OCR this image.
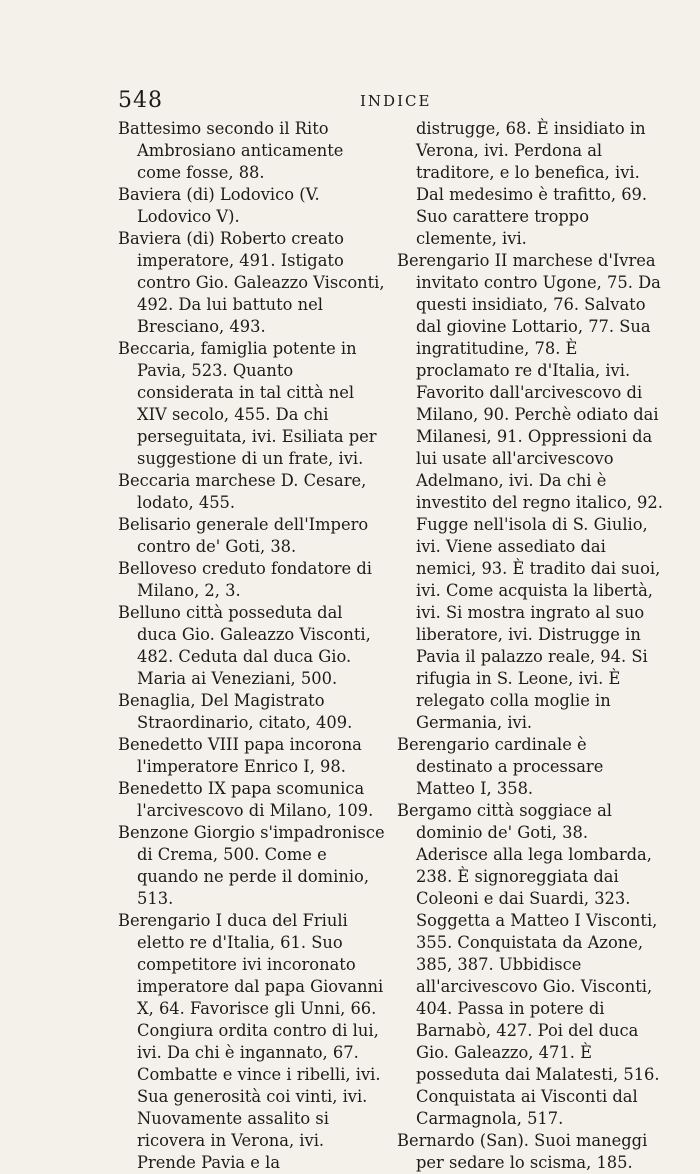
548	INDICE

Battesimo secondo il Rito Ambrosiano anticamente come fosse, 88.

Baviera (di) Lodovico (V. Lodovico V).

Baviera (di) Roberto creato imperatore, 491. Istigato contro Gio. Galeazzo Visconti, 492. Da lui battuto nel Bresciano, 493.

Beccaria, famiglia potente in Pavia, 523. Quanto considerata in tal città nel XIV secolo, 455. Da chi perseguitata, ivi. Esiliata per suggestione di un frate, ivi.

Beccaria marchese D. Cesare, lodato, 455.

Belisario generale dell'Impero contro de' Goti, 38.

Belloveso creduto fondatore di Milano, 2, 3.

Belluno città posseduta dal duca Gio. Galeazzo Visconti, 482. Ceduta dal duca Gio. Maria ai Veneziani, 500.

Benaglia, Del Magistrato Straordinario, citato, 409.

Benedetto VIII papa incorona l'imperatore Enrico I, 98.

Benedetto IX papa scomunica l'arcivescovo di Milano, 109.

Benzone Giorgio s'impadronisce di Crema, 500. Come e quando ne perde il dominio, 513.

Berengario I duca del Friuli eletto re d'Italia, 61. Suo competitore ivi incoronato imperatore dal papa Giovanni X, 64. Favorisce gli Unni, 66. Congiura ordita contro di lui, ivi. Da chi è ingannato, 67. Combatte e vince i ribelli, ivi. Sua generosità coi vinti, ivi. Nuovamente assalito si ricovera in Verona, ivi. Prende Pavia e la

distrugge, 68. È insidiato in Verona, ivi. Perdona al traditore, e lo benefica, ivi. Dal medesimo è trafitto, 69. Suo carattere troppo clemente, ivi.

Berengario II marchese d'Ivrea invitato contro Ugone, 75. Da questi insidiato, 76. Salvato dal giovine Lottario, 77. Sua ingratitudine, 78. È proclamato re d'Italia, ivi. Favorito dall'arcivescovo di Milano, 90. Perchè odiato dai Milanesi, 91. Oppressioni da lui usate all'arcivescovo Adelmano, ivi. Da chi è investito del regno italico, 92. Fugge nell'isola di S. Giulio, ivi. Viene assediato dai nemici, 93. È tradito dai suoi, ivi. Come acquista la libertà, ivi. Si mostra ingrato al suo liberatore, ivi. Distrugge in Pavia il palazzo reale, 94. Si rifugia in S. Leone, ivi. È relegato colla moglie in Germania, ivi.

Berengario cardinale è destinato a processare Matteo I, 358.

Bergamo città soggiace al dominio de' Goti, 38. Aderisce alla lega lombarda, 238. È signoreggiata dai Coleoni e dai Suardi, 323. Soggetta a Matteo I Visconti, 355. Conquistata da Azone, 385, 387. Ubbidisce all'arcivescovo Gio. Visconti, 404. Passa in potere di Barnabò, 427. Poi del duca Gio. Galeazzo, 471. È posseduta dai Malatesti, 516. Conquistata ai Visconti dal Carmagnola, 517.

Bernardo (San). Suoi maneggi per sedare lo scisma, 185.
